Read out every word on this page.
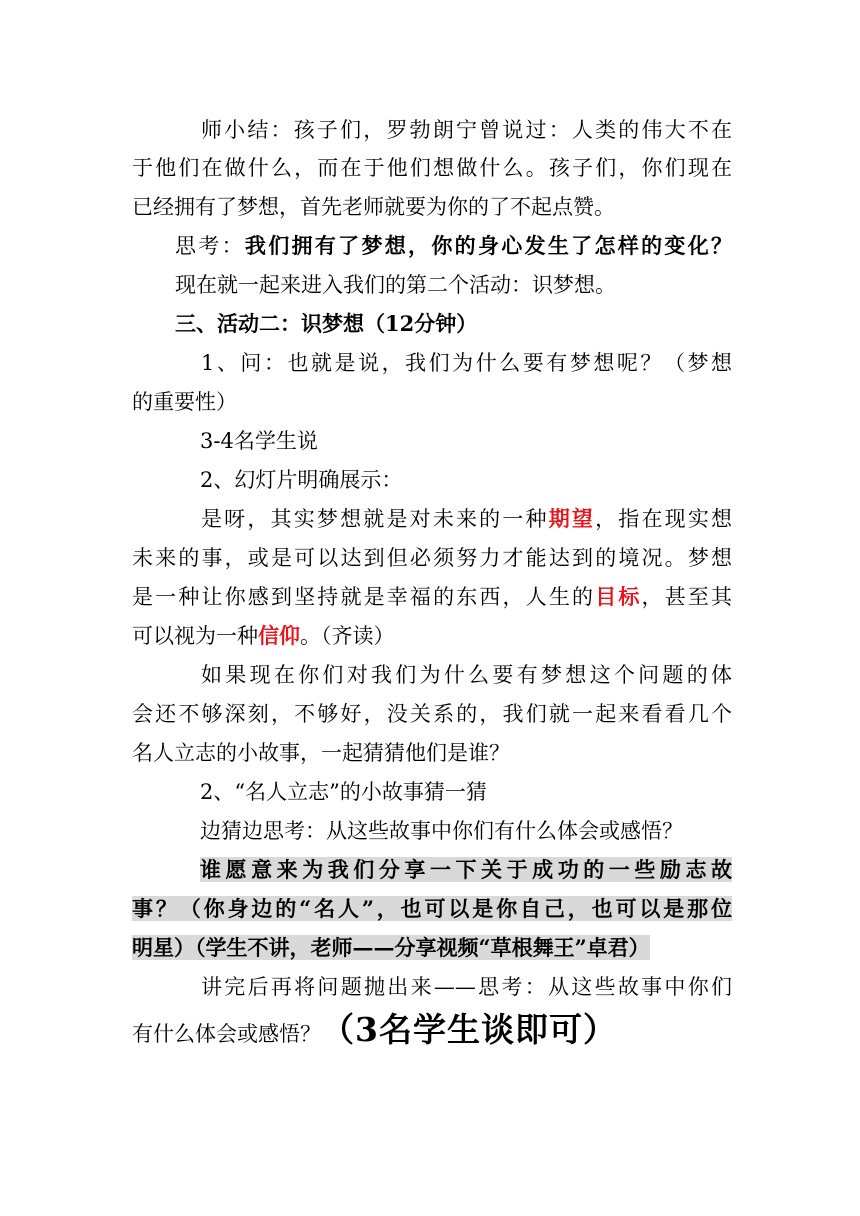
师小结：孩子们，罗勃朗宁曾说过：人类的伟大不在
于他们在做什么，而在于他们想做什么。孩子们，你们现在
已经拥有了梦想，首先老师就要为你的了不起点赞。
思考：我们拥有了梦想，你的身心发生了怎样的变化？
现在就一起来进入我们的第二个活动：识梦想。
三、活动二：识梦想（12分钟）
1、问：也就是说，我们为什么要有梦想呢？（梦想
的重要性）
3-4名学生说
2、幻灯片明确展示：
是呀，其实梦想就是对未来的一种期望，指在现实想
未来的事，或是可以达到但必须努力才能达到的境况。梦想
是一种让你感到坚持就是幸福的东西，人生的目标，甚至其
可以视为一种信仰。（齐读）
如果现在你们对我们为什么要有梦想这个问题的体
会还不够深刻，不够好，没关系的，我们就一起来看看几个
名人立志的小故事，一起猜猜他们是谁？
2、“名人立志”的小故事猜一猜
边猜边思考：从这些故事中你们有什么体会或感悟？
谁愿意来为我们分享一下关于成功的一些励志故
事？（你身边的“名人”，也可以是你自己，也可以是那位
明星）（学生不讲，老师——分享视频“草根舞王”卓君）
讲完后再将问题抛出来——思考：从这些故事中你们
有什么体会或感悟？（3名学生谈即可）
